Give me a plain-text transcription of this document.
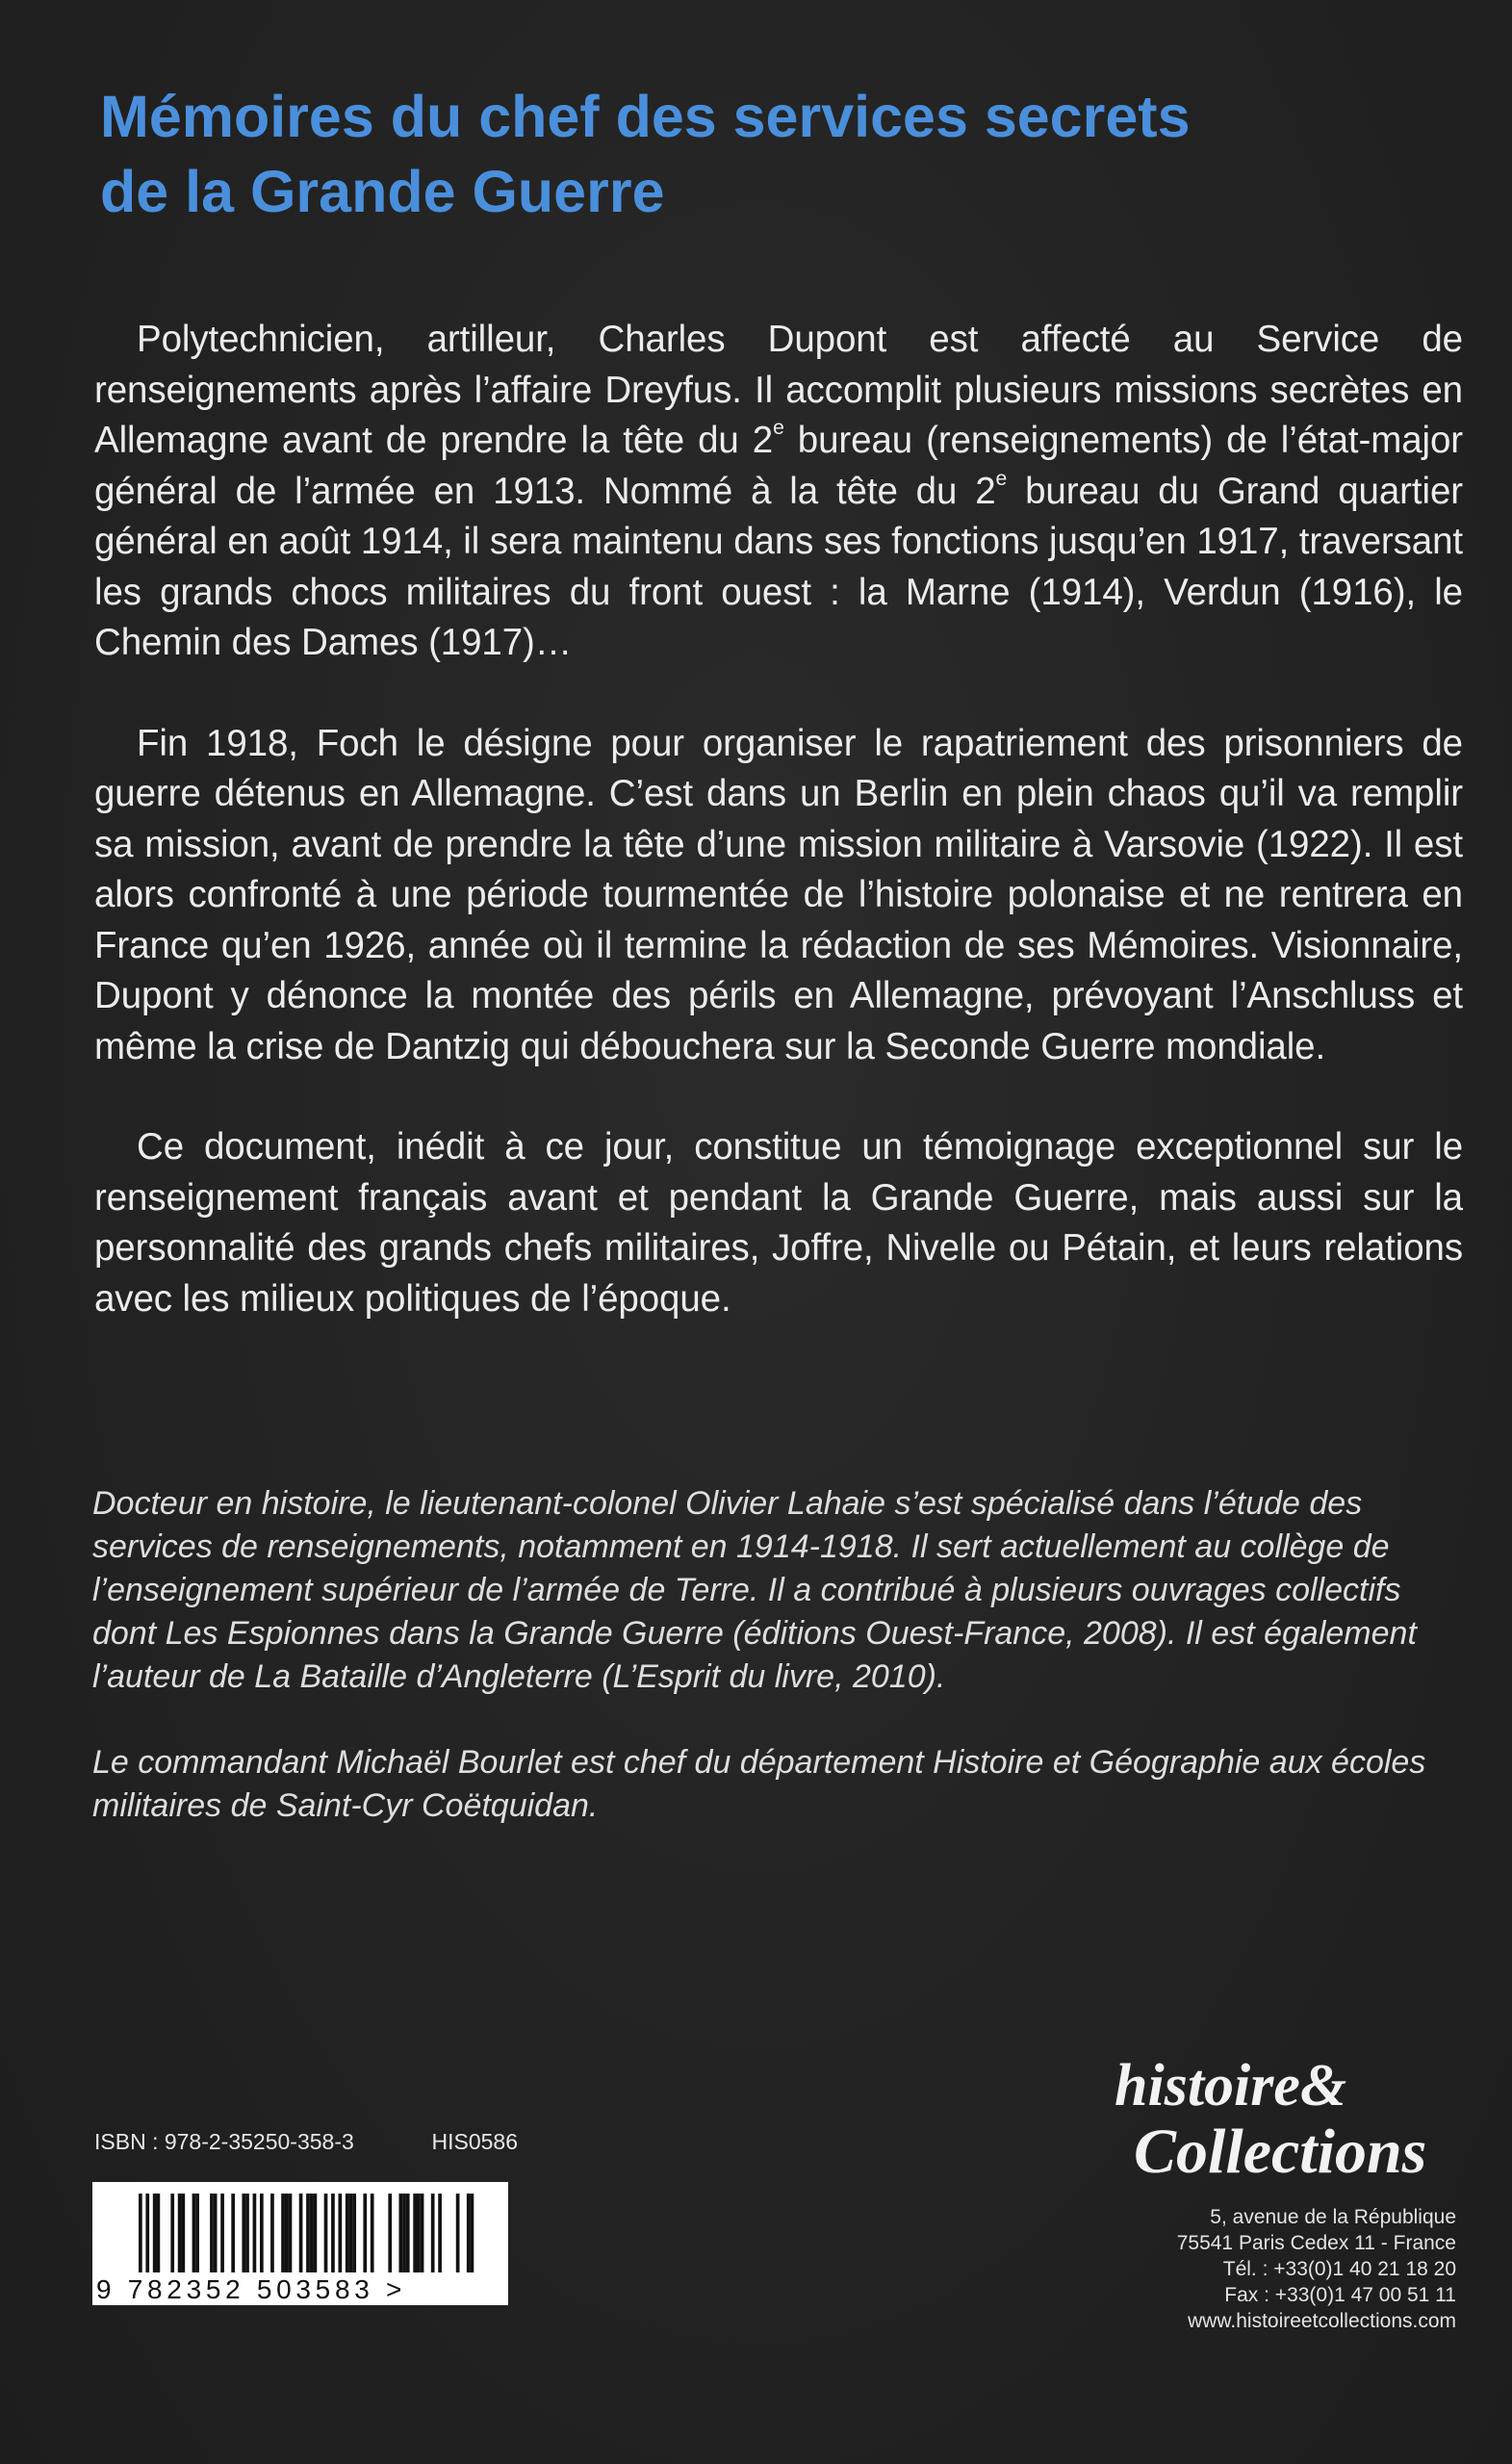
Mémoires du chef des services secrets
de la Grande Guerre

Polytechnicien, artilleur, Charles Dupont est affecté au Service de renseignements après l’affaire Dreyfus. Il accomplit plusieurs missions secrètes en Allemagne avant de prendre la tête du 2e bureau (renseignements) de l’état-major général de l’armée en 1913. Nommé à la tête du 2e bureau du Grand quartier général en août 1914, il sera maintenu dans ses fonctions jusqu’en 1917, traversant les grands chocs militaires du front ouest : la Marne (1914), Verdun (1916), le Chemin des Dames (1917)…

Fin 1918, Foch le désigne pour organiser le rapatriement des prisonniers de guerre détenus en Allemagne. C’est dans un Berlin en plein chaos qu’il va remplir sa mission, avant de prendre la tête d’une mission militaire à Varsovie (1922). Il est alors confronté à une période tourmentée de l’histoire polonaise et ne rentrera en France qu’en 1926, année où il termine la rédaction de ses Mémoires. Visionnaire, Dupont y dénonce la montée des périls en Allemagne, prévoyant l’Anschluss et même la crise de Dantzig qui débouchera sur la Seconde Guerre mondiale.

Ce document, inédit à ce jour, constitue un témoignage exceptionnel sur le renseignement français avant et pendant la Grande Guerre, mais aussi sur la personnalité des grands chefs militaires, Joffre, Nivelle ou Pétain, et leurs relations avec les milieux politiques de l’époque.

Docteur en histoire, le lieutenant-colonel Olivier Lahaie s’est spécialisé dans l’étude des services de renseignements, notamment en 1914-1918. Il sert actuellement au collège de l’enseignement supérieur de l’armée de Terre. Il a contribué à plusieurs ouvrages collectifs dont Les Espionnes dans la Grande Guerre (éditions Ouest-France, 2008). Il est également l’auteur de La Bataille d’Angleterre (L’Esprit du livre, 2010).

Le commandant Michaël Bourlet est chef du département Histoire et Géographie aux écoles militaires de Saint-Cyr Coëtquidan.

ISBN : 978-2-35250-358-3	HIS0586
9 782352 503583 >
histoire&
Collections
5, avenue de la République
75541 Paris Cedex 11 - France
Tél. : +33(0)1 40 21 18 20
Fax : +33(0)1 47 00 51 11
www.histoireetcollections.com
